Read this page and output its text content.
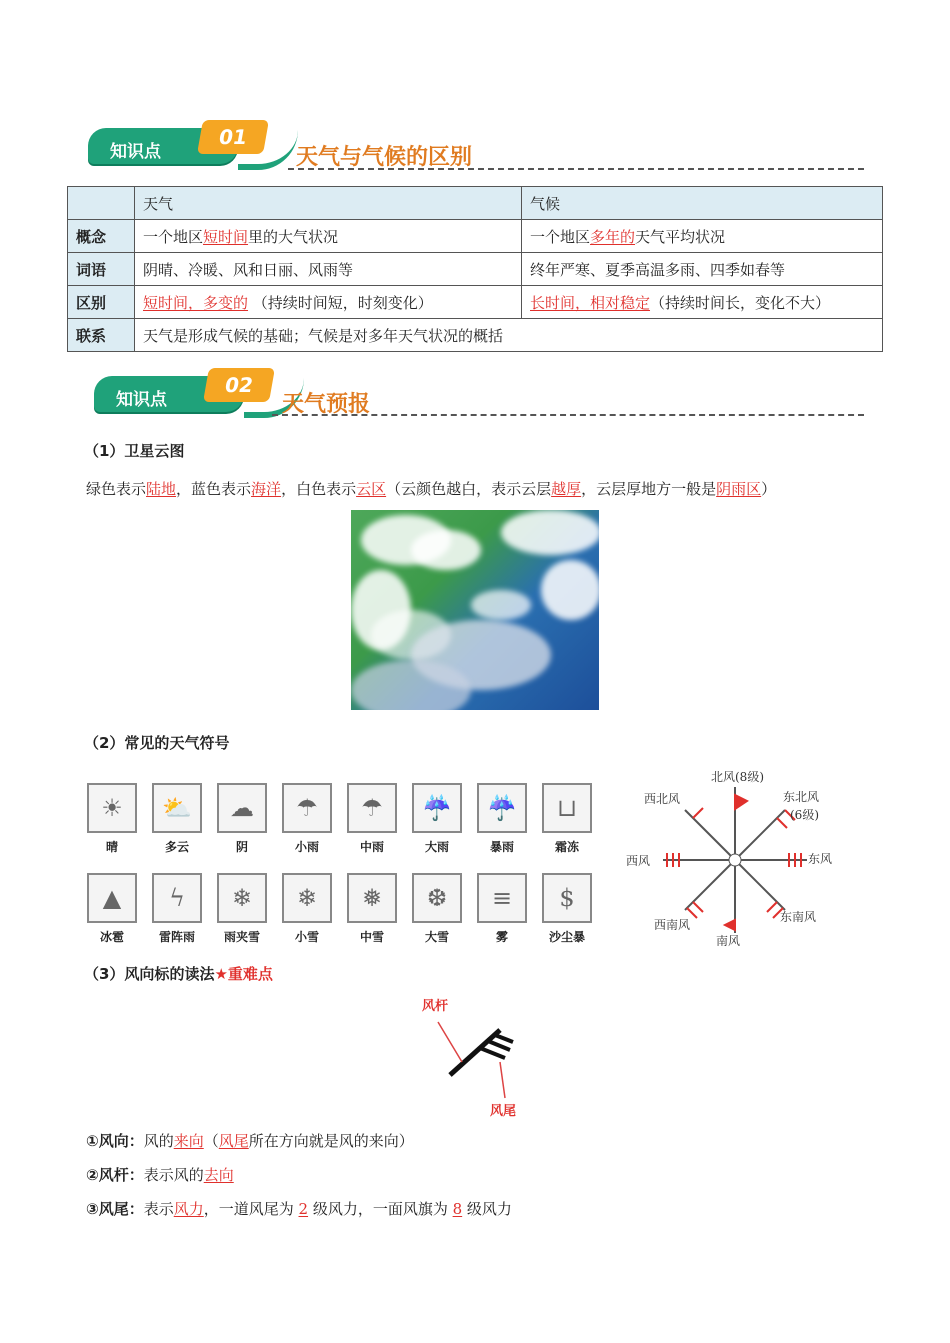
知识点
01
天气与气候的区别
	天气	气候
概念	一个地区短时间里的大气状况	一个地区多年的天气平均状况
词语	阴晴、冷暖、风和日丽、风雨等	终年严寒、夏季高温多雨、四季如春等
区别	短时间，多变的 （持续时间短，时刻变化）	长时间，相对稳定（持续时间长，变化不大）
联系	天气是形成气候的基础；气候是对多年天气状况的概括	
知识点
02
天气预报
（1）卫星云图
绿色表示陆地，蓝色表示海洋，白色表示云区（云颜色越白，表示云层越厚，云层厚地方一般是阴雨区）
（2）常见的天气符号
☀
晴
⛅
多云
☁
阴
☂
小雨
☂
中雨
☔
大雨
☔
暴雨
⊔
霜冻
▲
冰雹
ϟ
雷阵雨
❄
雨夹雪
❄
小雪
❅
中雪
❆
大雪
≡
雾
$
沙尘暴
北风(8级)
西北风	东北风
(6级)
西风	东风
西南风
南风
东南风
（3）风向标的读法★重难点
风杆
风尾
①风向：风的来向（风尾所在方向就是风的来向）
②风杆：表示风的去向
③风尾：表示风力，一道风尾为 2 级风力，一面风旗为 8 级风力
